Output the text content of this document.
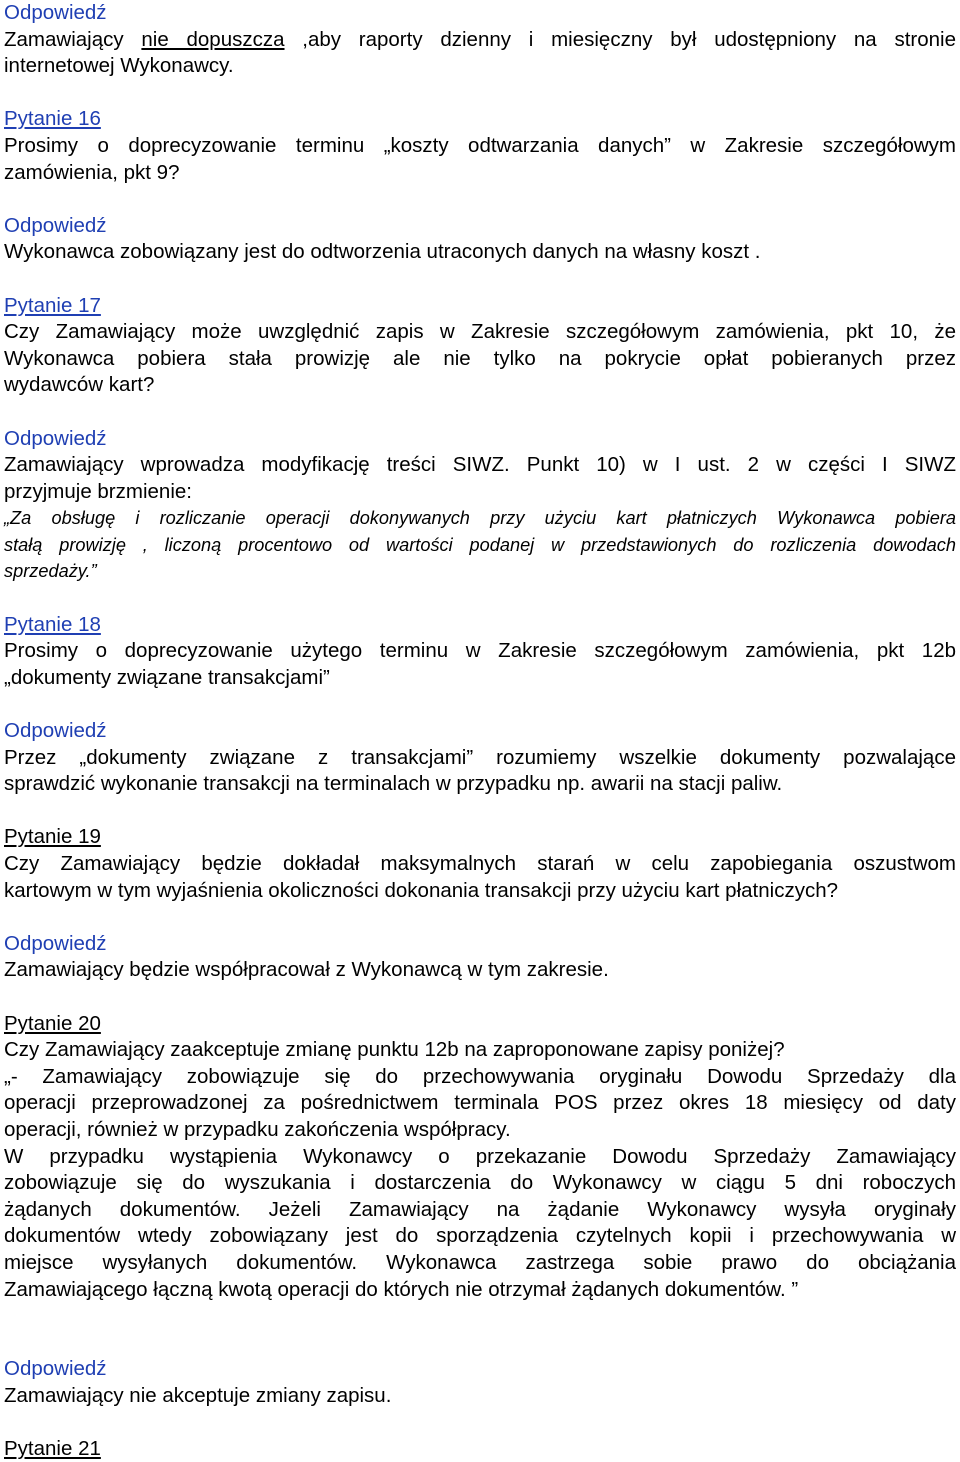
Odpowiedź

Zamawiający nie dopuszcza ,aby raporty dzienny i miesięczny był udostępniony na stronie

internetowej Wykonawcy.

Pytanie 16

Prosimy o doprecyzowanie terminu „koszty odtwarzania danych” w Zakresie szczegółowym

zamówienia, pkt 9?

Odpowiedź

Wykonawca zobowiązany jest do odtworzenia utraconych danych na własny koszt .

Pytanie 17

Czy Zamawiający może uwzględnić zapis w Zakresie szczegółowym zamówienia, pkt 10, że

Wykonawca pobiera stała prowizję ale nie tylko na pokrycie opłat pobieranych przez

wydawców kart?

Odpowiedź

Zamawiający wprowadza modyfikację treści SIWZ. Punkt 10) w I ust. 2 w części I SIWZ

przyjmuje brzmienie:

„Za obsługę i rozliczanie operacji dokonywanych przy użyciu kart płatniczych Wykonawca pobiera

stałą prowizję , liczoną procentowo od wartości podanej w przedstawionych do rozliczenia dowodach

sprzedaży.”

Pytanie 18

Prosimy o doprecyzowanie użytego terminu w Zakresie szczegółowym zamówienia, pkt 12b

„dokumenty związane transakcjami”

Odpowiedź

Przez „dokumenty związane z transakcjami” rozumiemy wszelkie dokumenty pozwalające

sprawdzić wykonanie transakcji na terminalach w przypadku np. awarii na stacji paliw.

Pytanie 19

Czy Zamawiający będzie dokładał maksymalnych starań w celu zapobiegania oszustwom

kartowym w tym wyjaśnienia okoliczności dokonania transakcji przy użyciu kart płatniczych?

Odpowiedź

Zamawiający będzie współpracował z Wykonawcą w tym zakresie.

Pytanie 20

Czy Zamawiający zaakceptuje zmianę punktu 12b na zaproponowane zapisy poniżej?

„- Zamawiający zobowiązuje się do przechowywania oryginału Dowodu Sprzedaży dla

operacji przeprowadzonej za pośrednictwem terminala POS przez okres 18 miesięcy od daty

operacji, również w przypadku zakończenia współpracy.

W przypadku wystąpienia Wykonawcy o przekazanie Dowodu Sprzedaży Zamawiający

zobowiązuje się do wyszukania i dostarczenia do Wykonawcy w ciągu 5 dni roboczych

żądanych dokumentów. Jeżeli Zamawiający na żądanie Wykonawcy wysyła oryginały

dokumentów wtedy zobowiązany jest do sporządzenia czytelnych kopii i przechowywania w

miejsce wysyłanych dokumentów. Wykonawca zastrzega sobie prawo do obciążania

Zamawiającego łączną kwotą operacji do których nie otrzymał żądanych dokumentów. ”

Odpowiedź

Zamawiający nie akceptuje zmiany zapisu.

Pytanie 21
